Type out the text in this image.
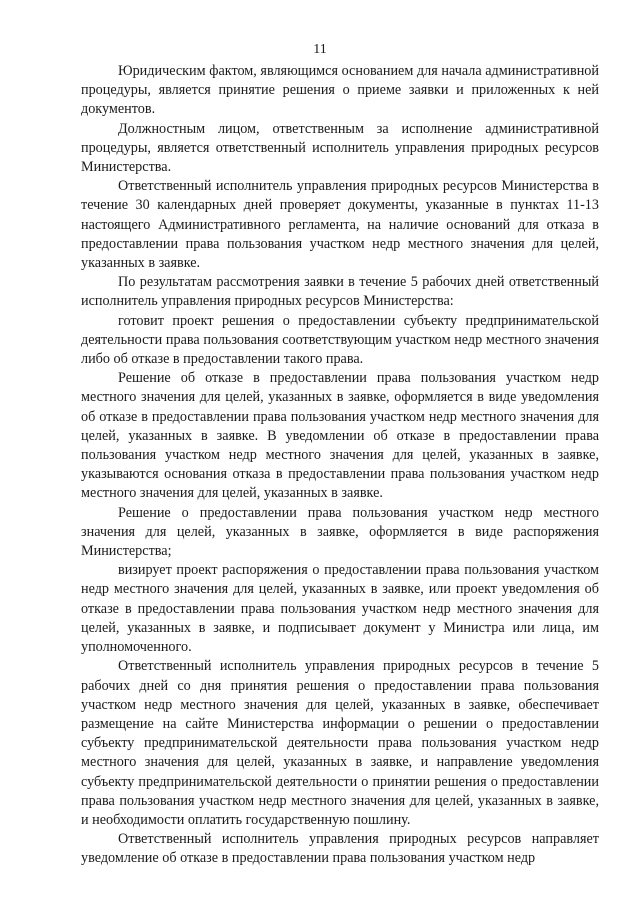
11

Юридическим фактом, являющимся основанием для начала административной процедуры, является принятие решения о приеме заявки и приложенных к ней документов.

Должностным лицом, ответственным за исполнение административной процедуры, является ответственный исполнитель управления природных ресурсов Министерства.

Ответственный исполнитель управления природных ресурсов Министерства в течение 30 календарных дней проверяет документы, указанные в пунктах 11-13 настоящего Административного регламента, на наличие оснований для отказа в предоставлении права пользования участком недр местного значения для целей, указанных в заявке.

По результатам рассмотрения заявки в течение 5 рабочих дней ответственный исполнитель управления природных ресурсов Министерства:

готовит проект решения о предоставлении субъекту предпринимательской деятельности права пользования соответствующим участком недр местного значения либо об отказе в предоставлении такого права.

Решение об отказе в предоставлении права пользования участком недр местного значения для целей, указанных в заявке, оформляется в виде уведомления об отказе в предоставлении права пользования участком недр местного значения для целей, указанных в заявке. В уведомлении об отказе в предоставлении права пользования участком недр местного значения для целей, указанных в заявке, указываются основания отказа в предоставлении права пользования участком недр местного значения для целей, указанных в заявке.

Решение о предоставлении права пользования участком недр местного значения для целей, указанных в заявке, оформляется в виде распоряжения Министерства;

визирует проект распоряжения о предоставлении права пользования участком недр местного значения для целей, указанных в заявке, или проект уведомления об отказе в предоставлении права пользования участком недр местного значения для целей, указанных в заявке, и подписывает документ у Министра или лица, им уполномоченного.

Ответственный исполнитель управления природных ресурсов в течение 5 рабочих дней со дня принятия решения о предоставлении права пользования участком недр местного значения для целей, указанных в заявке, обеспечивает размещение на сайте Министерства информации о решении о предоставлении субъекту предпринимательской деятельности права пользования участком недр местного значения для целей, указанных в заявке, и направление уведомления субъекту предпринимательской деятельности о принятии решения о предоставлении права пользования участком недр местного значения для целей, указанных в заявке, и необходимости оплатить государственную пошлину.

Ответственный исполнитель управления природных ресурсов направляет уведомление об отказе в предоставлении права пользования участком недр
